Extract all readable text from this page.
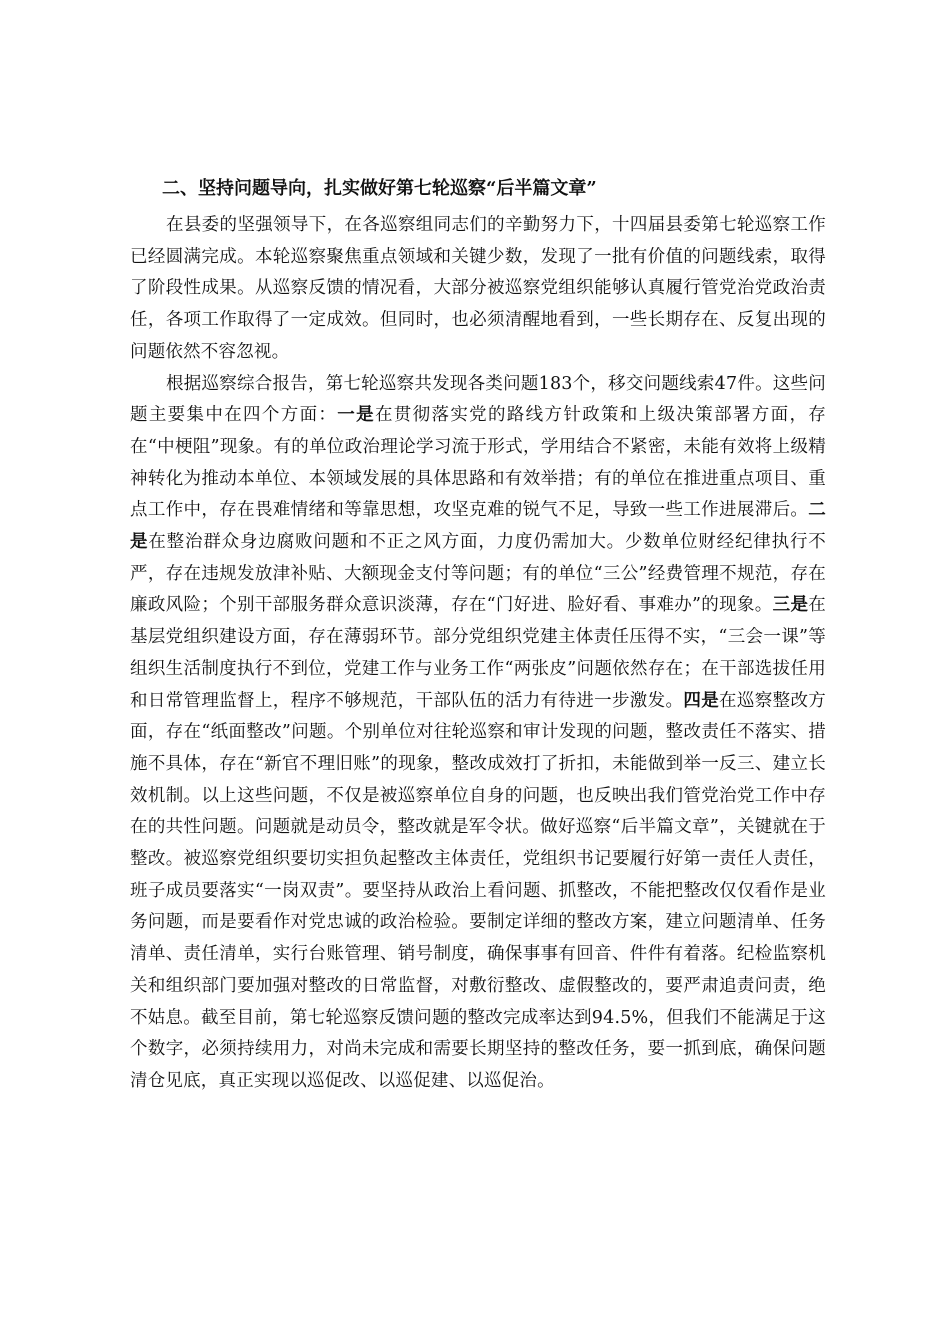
二、坚持问题导向，扎实做好第七轮巡察“后半篇文章”

在县委的坚强领导下，在各巡察组同志们的辛勤努力下，十四届县委第七轮巡察工作已经圆满完成。本轮巡察聚焦重点领域和关键少数，发现了一批有价值的问题线索，取得了阶段性成果。从巡察反馈的情况看，大部分被巡察党组织能够认真履行管党治党政治责任，各项工作取得了一定成效。但同时，也必须清醒地看到，一些长期存在、反复出现的问题依然不容忽视。

根据巡察综合报告，第七轮巡察共发现各类问题183个，移交问题线索47件。这些问题主要集中在四个方面：一是在贯彻落实党的路线方针政策和上级决策部署方面，存在“中梗阻”现象。有的单位政治理论学习流于形式，学用结合不紧密，未能有效将上级精神转化为推动本单位、本领域发展的具体思路和有效举措；有的单位在推进重点项目、重点工作中，存在畏难情绪和等靠思想，攻坚克难的锐气不足，导致一些工作进展滞后。二是在整治群众身边腐败问题和不正之风方面，力度仍需加大。少数单位财经纪律执行不严，存在违规发放津补贴、大额现金支付等问题；有的单位“三公”经费管理不规范，存在廉政风险；个别干部服务群众意识淡薄，存在“门好进、脸好看、事难办”的现象。三是在基层党组织建设方面，存在薄弱环节。部分党组织党建主体责任压得不实，“三会一课”等组织生活制度执行不到位，党建工作与业务工作“两张皮”问题依然存在；在干部选拔任用和日常管理监督上，程序不够规范，干部队伍的活力有待进一步激发。四是在巡察整改方面，存在“纸面整改”问题。个别单位对往轮巡察和审计发现的问题，整改责任不落实、措施不具体，存在“新官不理旧账”的现象，整改成效打了折扣，未能做到举一反三、建立长效机制。以上这些问题，不仅是被巡察单位自身的问题，也反映出我们管党治党工作中存在的共性问题。问题就是动员令，整改就是军令状。做好巡察“后半篇文章”，关键就在于整改。被巡察党组织要切实担负起整改主体责任，党组织书记要履行好第一责任人责任，班子成员要落实“一岗双责”。要坚持从政治上看问题、抓整改，不能把整改仅仅看作是业务问题，而是要看作对党忠诚的政治检验。要制定详细的整改方案，建立问题清单、任务清单、责任清单，实行台账管理、销号制度，确保事事有回音、件件有着落。纪检监察机关和组织部门要加强对整改的日常监督，对敷衍整改、虚假整改的，要严肃追责问责，绝不姑息。截至目前，第七轮巡察反馈问题的整改完成率达到94.5%，但我们不能满足于这个数字，必须持续用力，对尚未完成和需要长期坚持的整改任务，要一抓到底，确保问题清仓见底，真正实现以巡促改、以巡促建、以巡促治。
